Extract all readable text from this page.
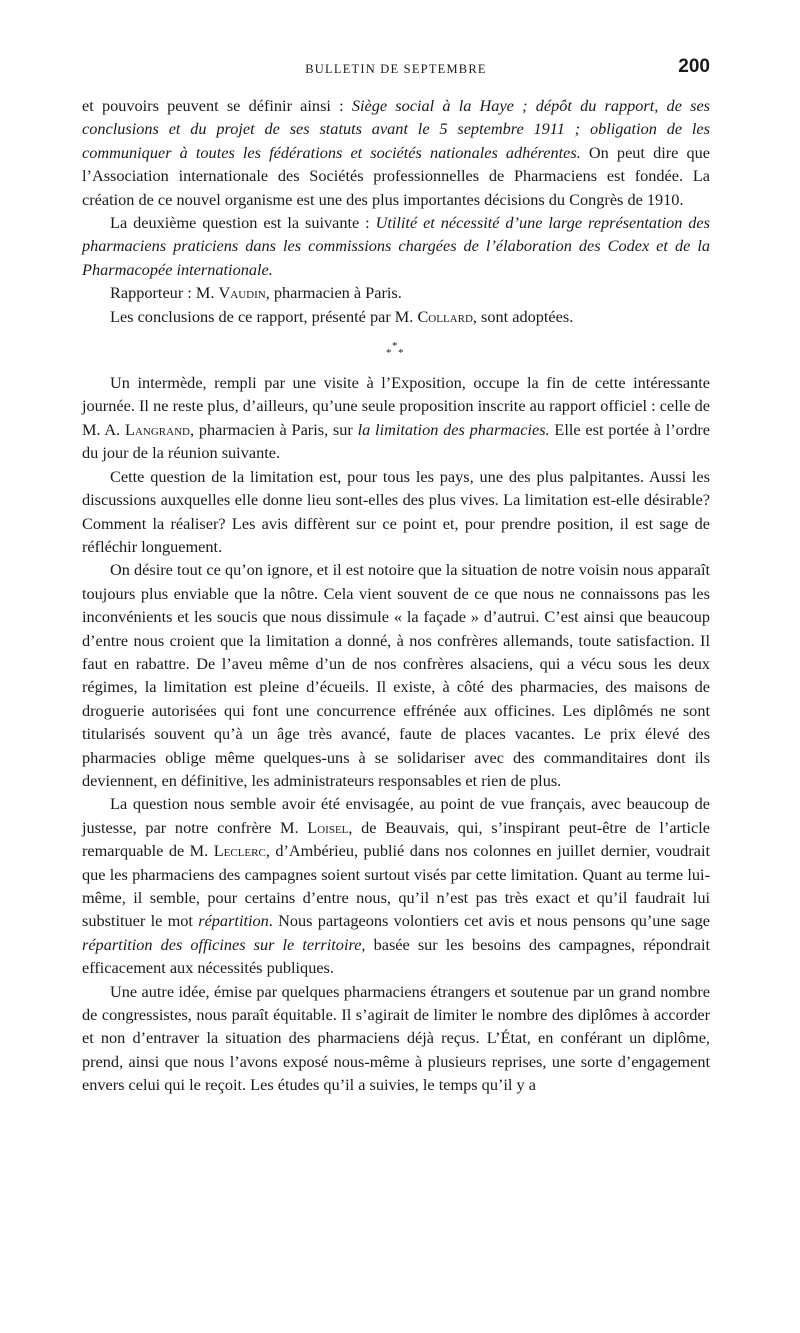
BULLETIN DE SEPTEMBRE	200

et pouvoirs peuvent se définir ainsi : Siège social à la Haye ; dépôt du rapport, de ses conclusions et du projet de ses statuts avant le 5 septembre 1911 ; obligation de les communiquer à toutes les fédérations et sociétés nationales adhérentes. On peut dire que l’Association internationale des Sociétés professionnelles de Pharmaciens est fondée. La création de ce nouvel organisme est une des plus importantes décisions du Congrès de 1910.

La deuxième question est la suivante : Utilité et nécessité d’une large représentation des pharmaciens praticiens dans les commissions chargées de l’élaboration des Codex et de la Pharmacopée internationale.

Rapporteur : M. Vaudin, pharmacien à Paris.

Les conclusions de ce rapport, présenté par M. Collard, sont adoptées.

*
* *

Un intermède, rempli par une visite à l’Exposition, occupe la fin de cette intéressante journée. Il ne reste plus, d’ailleurs, qu’une seule proposition inscrite au rapport officiel : celle de M. A. Langrand, pharmacien à Paris, sur la limitation des pharmacies. Elle est portée à l’ordre du jour de la réunion suivante.

Cette question de la limitation est, pour tous les pays, une des plus palpitantes. Aussi les discussions auxquelles elle donne lieu sont-elles des plus vives. La limitation est-elle désirable? Comment la réaliser? Les avis diffèrent sur ce point et, pour prendre position, il est sage de réfléchir longuement.

On désire tout ce qu’on ignore, et il est notoire que la situation de notre voisin nous apparaît toujours plus enviable que la nôtre. Cela vient souvent de ce que nous ne connaissons pas les inconvénients et les soucis que nous dissimule « la façade » d’autrui. C’est ainsi que beaucoup d’entre nous croient que la limitation a donné, à nos confrères allemands, toute satisfaction. Il faut en rabattre. De l’aveu même d’un de nos confrères alsaciens, qui a vécu sous les deux régimes, la limitation est pleine d’écueils. Il existe, à côté des pharmacies, des maisons de droguerie autorisées qui font une concurrence effrénée aux officines. Les diplômés ne sont titularisés souvent qu’à un âge très avancé, faute de places vacantes. Le prix élevé des pharmacies oblige même quelques-uns à se solidariser avec des commanditaires dont ils deviennent, en définitive, les administrateurs responsables et rien de plus.

La question nous semble avoir été envisagée, au point de vue français, avec beaucoup de justesse, par notre confrère M. Loisel, de Beauvais, qui, s’inspirant peut-être de l’article remarquable de M. Leclerc, d’Ambérieu, publié dans nos colonnes en juillet dernier, voudrait que les pharmaciens des campagnes soient surtout visés par cette limitation. Quant au terme lui-même, il semble, pour certains d’entre nous, qu’il n’est pas très exact et qu’il faudrait lui substituer le mot répartition. Nous partageons volontiers cet avis et nous pensons qu’une sage répartition des officines sur le territoire, basée sur les besoins des campagnes, répondrait efficacement aux nécessités publiques.

Une autre idée, émise par quelques pharmaciens étrangers et soutenue par un grand nombre de congressistes, nous paraît équitable. Il s’agirait de limiter le nombre des diplômes à accorder et non d’entraver la situation des pharmaciens déjà reçus. L’État, en conférant un diplôme, prend, ainsi que nous l’avons exposé nous-même à plusieurs reprises, une sorte d’engagement envers celui qui le reçoit. Les études qu’il a suivies, le temps qu’il y a
